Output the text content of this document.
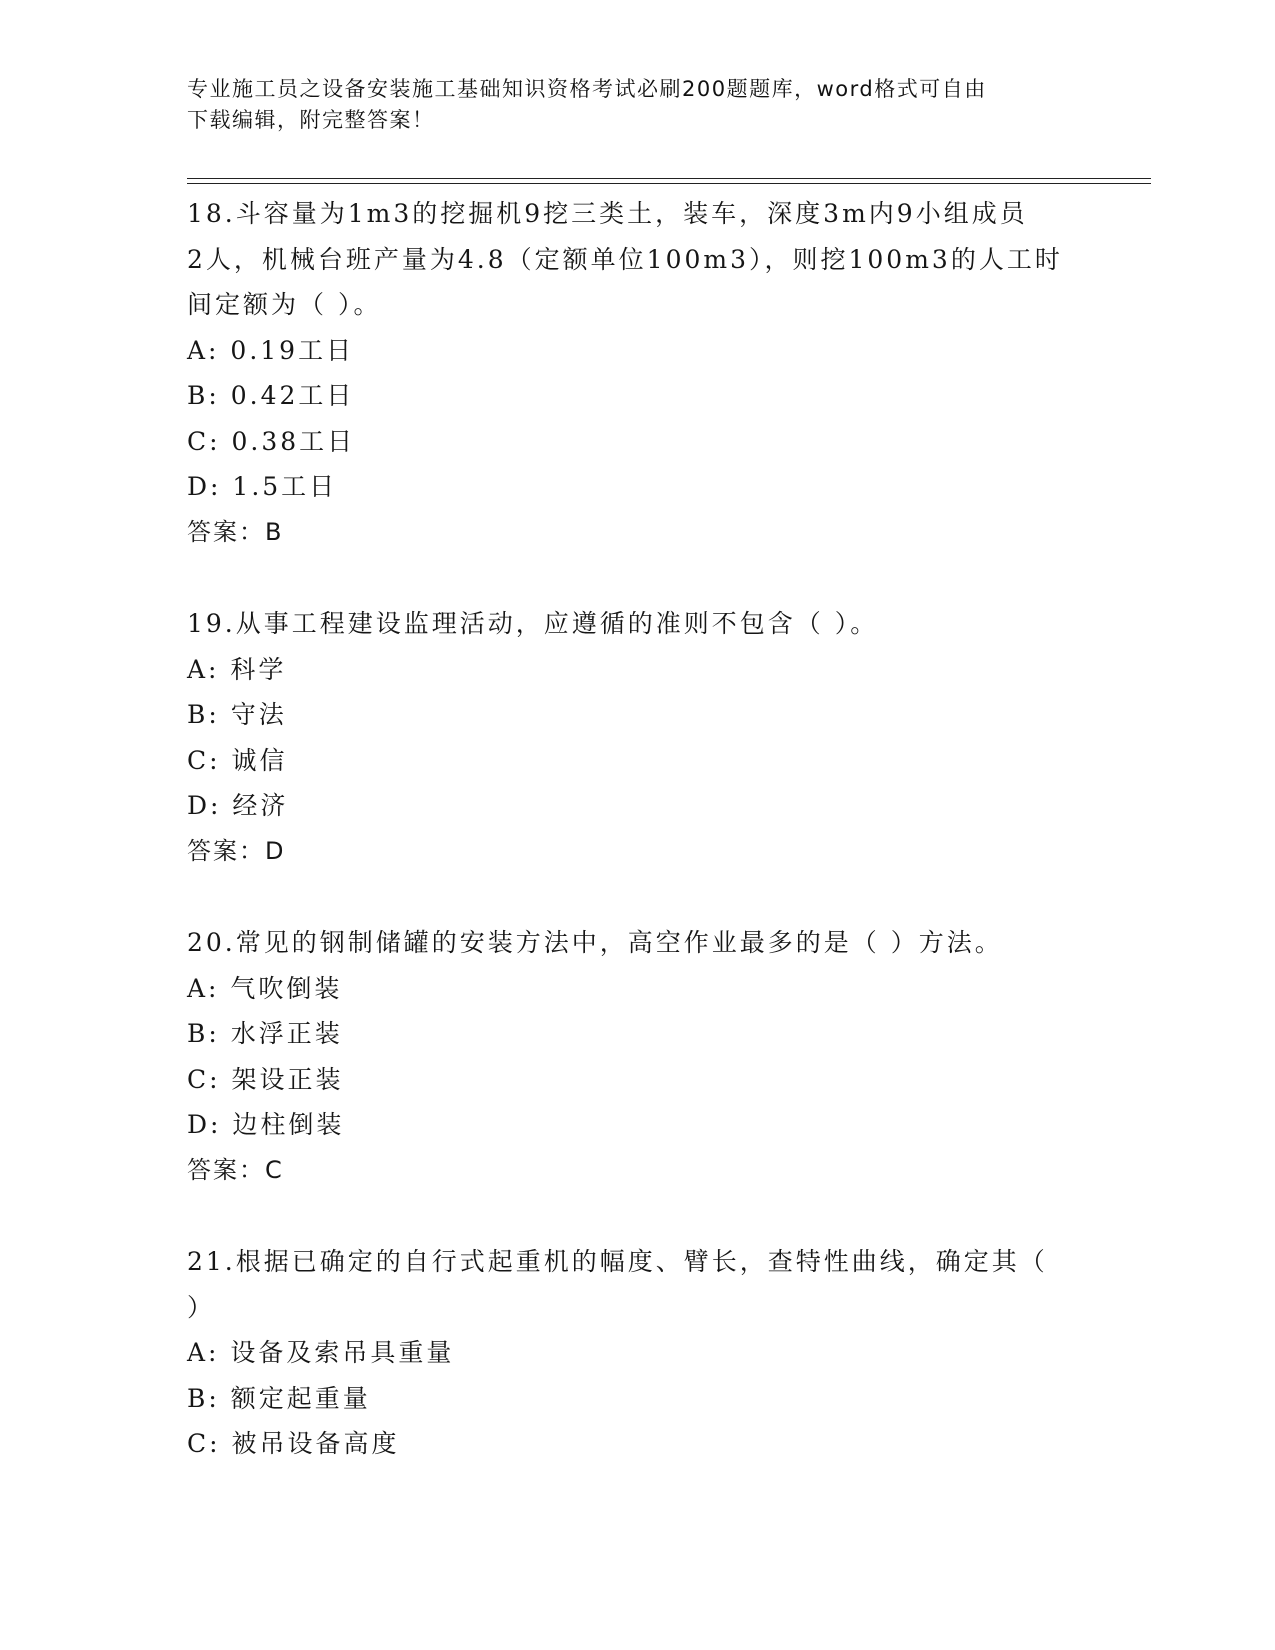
专业施工员之设备安装施工基础知识资格考试必刷200题题库，word格式可自由
下载编辑，附完整答案！
18.斗容量为1m3的挖掘机9挖三类土，装车，深度3m内9小组成员
2人，机械台班产量为4.8（定额单位100m3），则挖100m3的人工时
间定额为（ ）。
A: 0.19工日
B: 0.42工日
C: 0.38工日
D: 1.5工日
答案：B
19.从事工程建设监理活动，应遵循的准则不包含（ ）。
A: 科学
B: 守法
C: 诚信
D: 经济
答案：D
20.常见的钢制储罐的安装方法中，高空作业最多的是（ ）方法。
A: 气吹倒装
B: 水浮正装
C: 架设正装
D: 边柱倒装
答案：C
21.根据已确定的自行式起重机的幅度、臂长，查特性曲线，确定其（
）
A: 设备及索吊具重量
B: 额定起重量
C: 被吊设备高度
